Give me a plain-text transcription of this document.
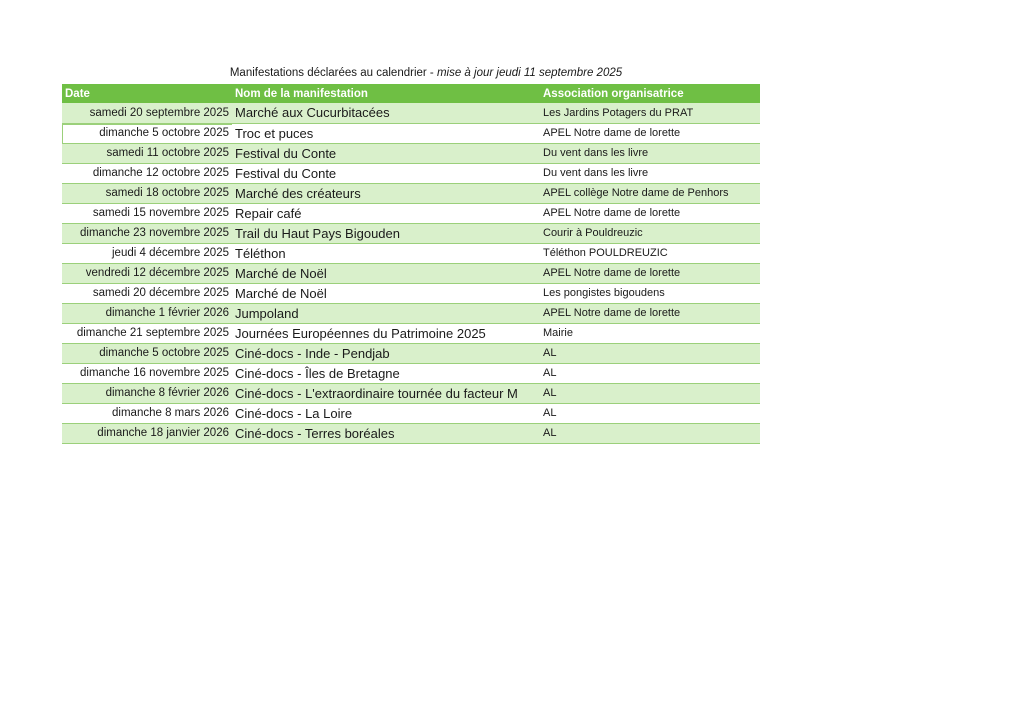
Manifestations déclarées au calendrier - mise à jour jeudi 11 septembre 2025
Date	Nom de la manifestation	Association organisatrice
samedi 20 septembre 2025	Marché aux Cucurbitacées	Les Jardins Potagers du PRAT
dimanche 5 octobre 2025	Troc et puces	APEL Notre dame de lorette
samedi 11 octobre 2025	Festival du Conte	Du vent dans les livre
dimanche 12 octobre 2025	Festival du Conte	Du vent dans les livre
samedi 18 octobre 2025	Marché des créateurs	APEL collège Notre dame de Penhors
samedi 15 novembre 2025	Repair café	APEL Notre dame de lorette
dimanche 23 novembre 2025	Trail du Haut Pays Bigouden	Courir à Pouldreuzic
jeudi 4 décembre 2025	Téléthon	Téléthon POULDREUZIC
vendredi 12 décembre 2025	Marché de Noël	APEL Notre dame de lorette
samedi 20 décembre 2025	Marché de Noël	Les pongistes bigoudens
dimanche 1 février 2026	Jumpoland	APEL Notre dame de lorette
dimanche 21 septembre 2025	Journées Européennes du Patrimoine 2025	Mairie
dimanche 5 octobre 2025	Ciné-docs - Inde - Pendjab	AL
dimanche 16 novembre 2025	Ciné-docs - Îles de Bretagne	AL
dimanche 8 février 2026	Ciné-docs - L'extraordinaire tournée du facteur M	AL
dimanche 8 mars 2026	Ciné-docs - La Loire	AL
dimanche 18 janvier 2026	Ciné-docs - Terres boréales	AL
